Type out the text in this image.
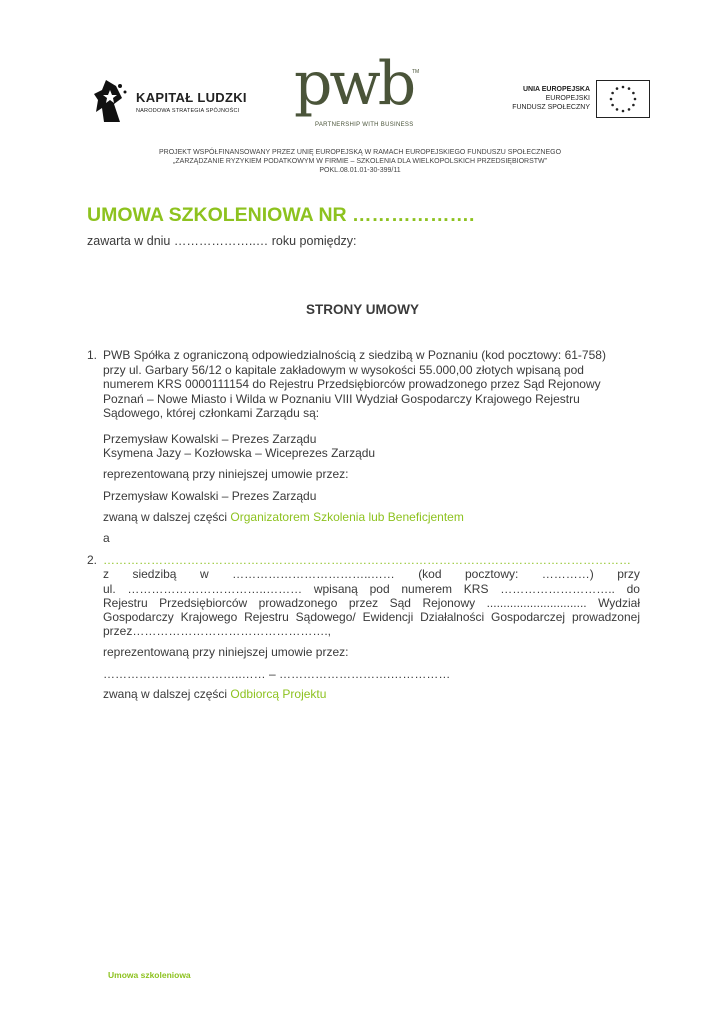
KAPITAŁ LUDZKI
NARODOWA STRATEGIA SPÓJNOŚCI pwb
TM
PARTNERSHIP WITH BUSINESS
UNIA EUROPEJSKA
EUROPEJSKI
FUNDUSZ SPOŁECZNY
PROJEKT WSPÓŁFINANSOWANY PRZEZ UNIĘ EUROPEJSKĄ W RAMACH EUROPEJSKIEGO FUNDUSZU SPOŁECZNEGO
„ZARZĄDZANIE RYZYKIEM PODATKOWYM W FIRMIE – SZKOLENIA DLA WIELKOPOLSKICH PRZEDSIĘBIORSTW”
POKL.08.01.01-30-399/11
UMOWA SZKOLENIOWA NR ……………….
zawarta w dniu ………………..… roku pomiędzy:
STRONY UMOWY
1. PWB Spółka z ograniczoną odpowiedzialnością z siedzibą w Poznaniu (kod pocztowy: 61-758)
przy ul. Garbary 56/12 o kapitale zakładowym w wysokości 55.000,00 złotych wpisaną pod
numerem KRS 0000111154 do Rejestru Przedsiębiorców prowadzonego przez Sąd Rejonowy
Poznań – Nowe Miasto i Wilda w Poznaniu VIII Wydział Gospodarczy Krajowego Rejestru
Sądowego, której członkami Zarządu są:
Przemysław Kowalski – Prezes Zarządu
Ksymena Jazy – Kozłowska – Wiceprezes Zarządu
reprezentowaną przy niniejszej umowie przez:
Przemysław Kowalski – Prezes Zarządu
zwaną w dalszej części Organizatorem Szkolenia lub Beneficjentem
a
2. ……………………………………………………………………………………………………………………
z siedzibą w ……………………………..…… (kod pocztowy: …………) przy
ul. ……………………………..……… wpisaną pod numerem KRS ……………………….. do
Rejestru Przedsiębiorców prowadzonego przez Sąd Rejonowy .............................. Wydział
Gospodarczy Krajowego Rejestru Sądowego/ Ewidencji Działalności Gospodarczej prowadzonej
przez………………………………………….,
reprezentowaną przy niniejszej umowie przez:
……………………………..…… – ……………………….……………
zwaną w dalszej części Odbiorcą Projektu
Umowa szkoleniowa
